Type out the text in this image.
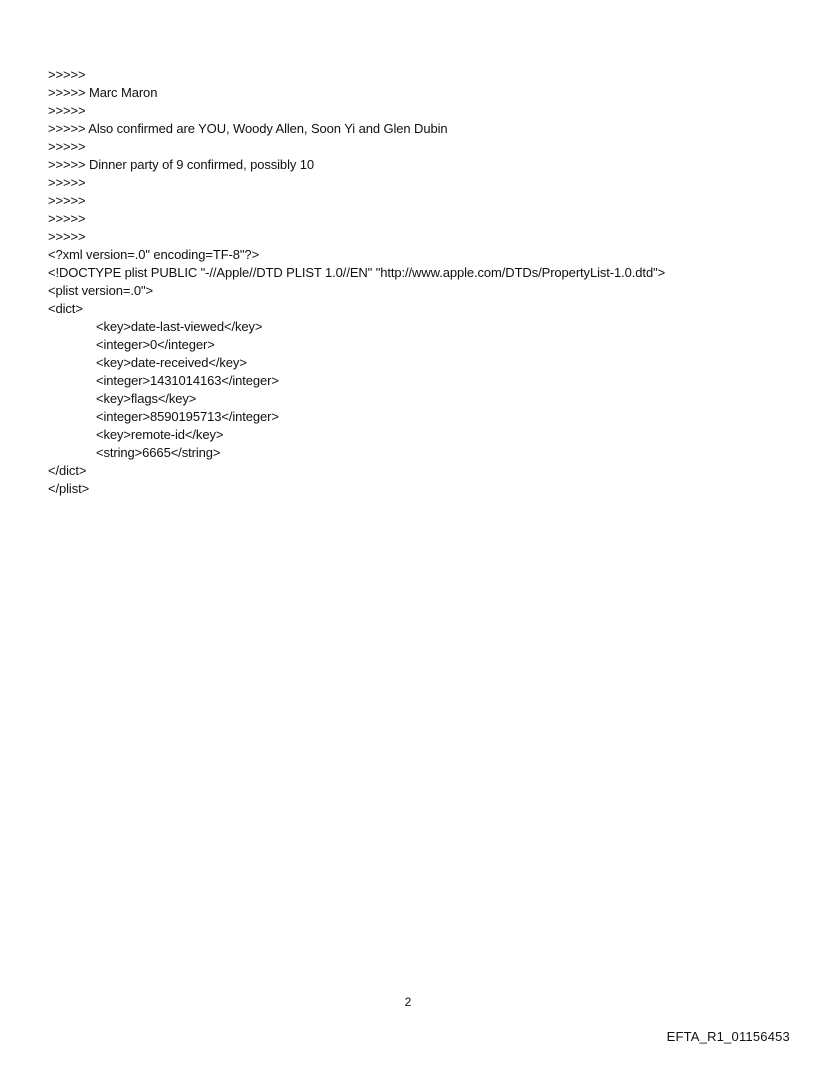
>>>>>
>>>>> Marc Maron
>>>>>
>>>>> Also confirmed are YOU, Woody Allen, Soon Yi and Glen Dubin
>>>>>
>>>>> Dinner party of 9 confirmed, possibly 10
>>>>>
>>>>>
>>>>>
>>>>>
<?xml version=.0" encoding=TF-8"?>
<!DOCTYPE plist PUBLIC "-//Apple//DTD PLIST 1.0//EN" "http://www.apple.com/DTDs/PropertyList-1.0.dtd">
<plist version=.0">
<dict>
<key>date-last-viewed</key>
<integer>0</integer>
<key>date-received</key>
<integer>1431014163</integer>
<key>flags</key>
<integer>8590195713</integer>
<key>remote-id</key>
<string>6665</string>
</dict>
</plist>
2
EFTA_R1_01156453
